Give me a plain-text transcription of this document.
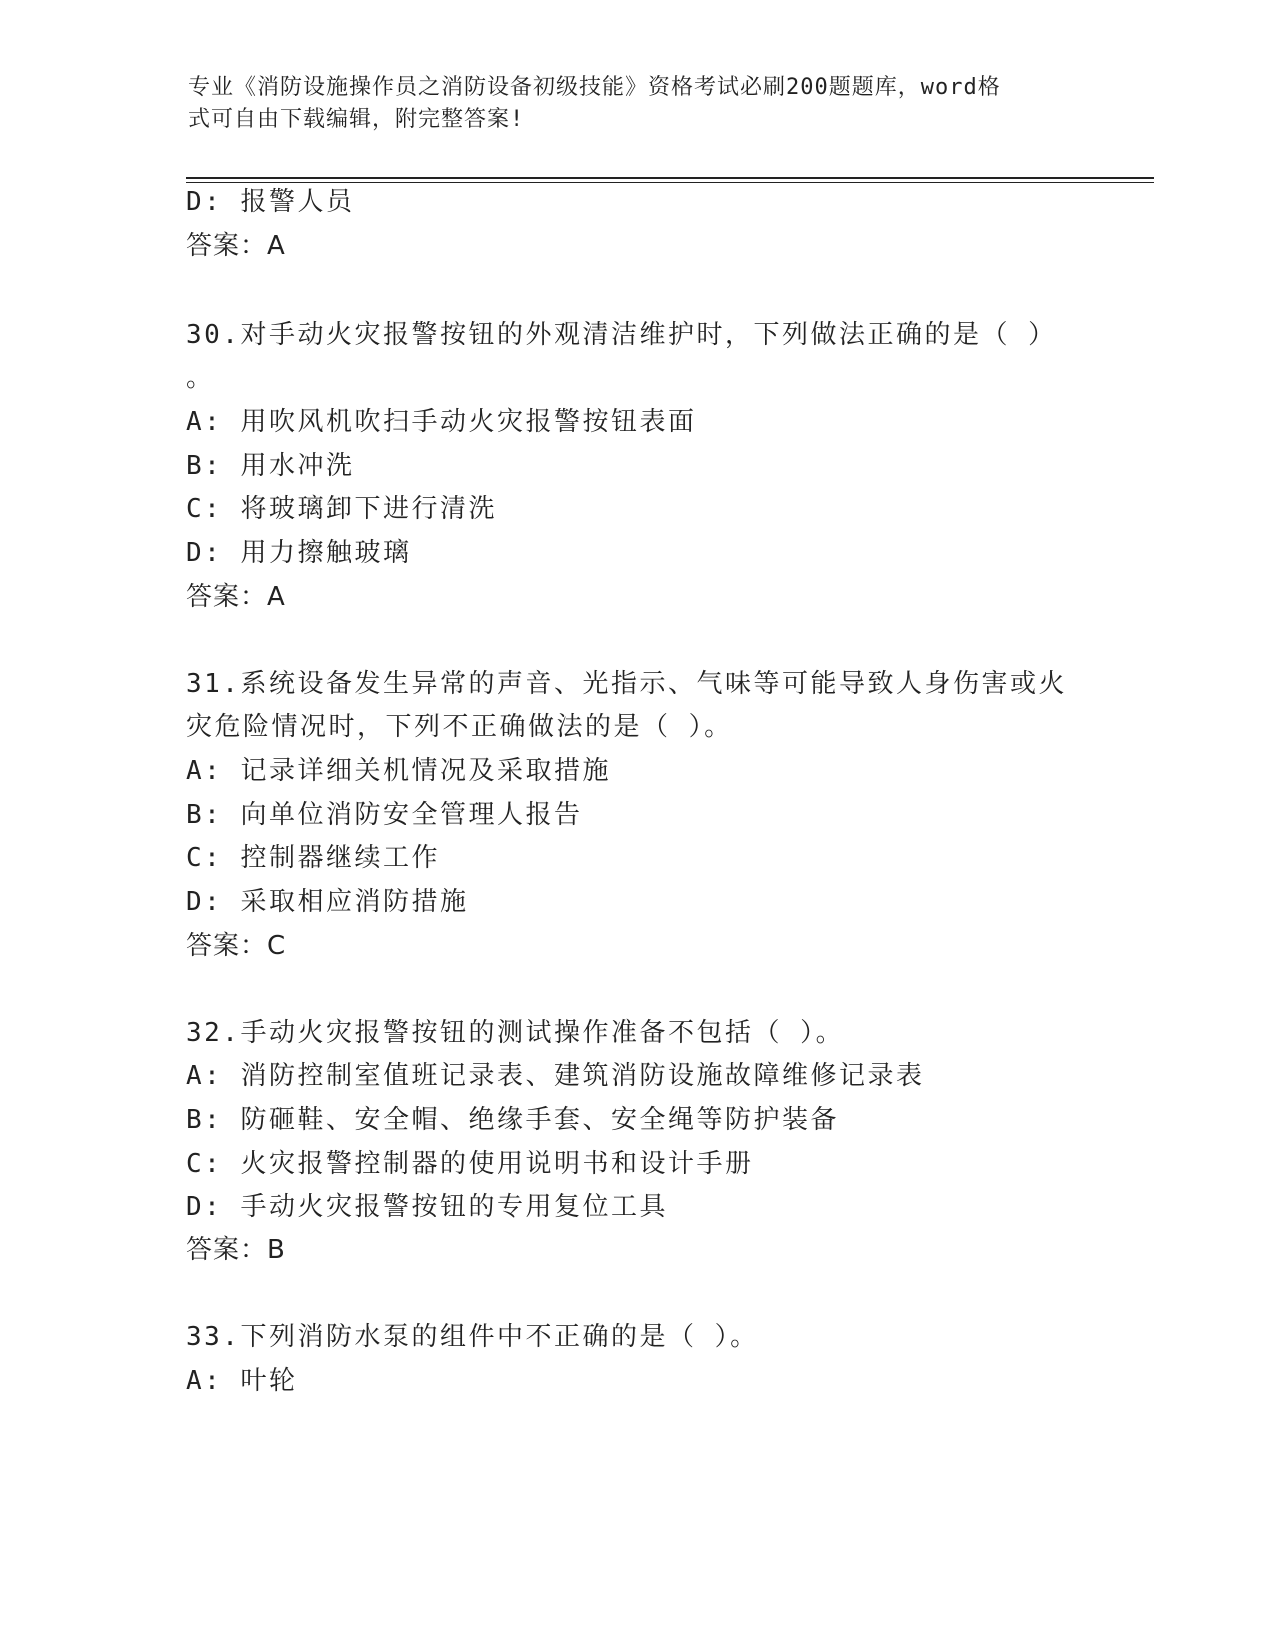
专业《消防设施操作员之消防设备初级技能》资格考试必刷200题题库，word格
式可自由下载编辑，附完整答案!
D: 报警人员
答案：A
30.对手动火灾报警按钮的外观清洁维护时，下列做法正确的是（ ）
。
A: 用吹风机吹扫手动火灾报警按钮表面
B: 用水冲洗
C: 将玻璃卸下进行清洗
D: 用力擦触玻璃
答案：A
31.系统设备发生异常的声音、光指示、气味等可能导致人身伤害或火
灾危险情况时，下列不正确做法的是（ ）。
A: 记录详细关机情况及采取措施
B: 向单位消防安全管理人报告
C: 控制器继续工作
D: 采取相应消防措施
答案：C
32.手动火灾报警按钮的测试操作准备不包括（ ）。
A: 消防控制室值班记录表、建筑消防设施故障维修记录表
B: 防砸鞋、安全帽、绝缘手套、安全绳等防护装备
C: 火灾报警控制器的使用说明书和设计手册
D: 手动火灾报警按钮的专用复位工具
答案：B
33.下列消防水泵的组件中不正确的是（ ）。
A: 叶轮
